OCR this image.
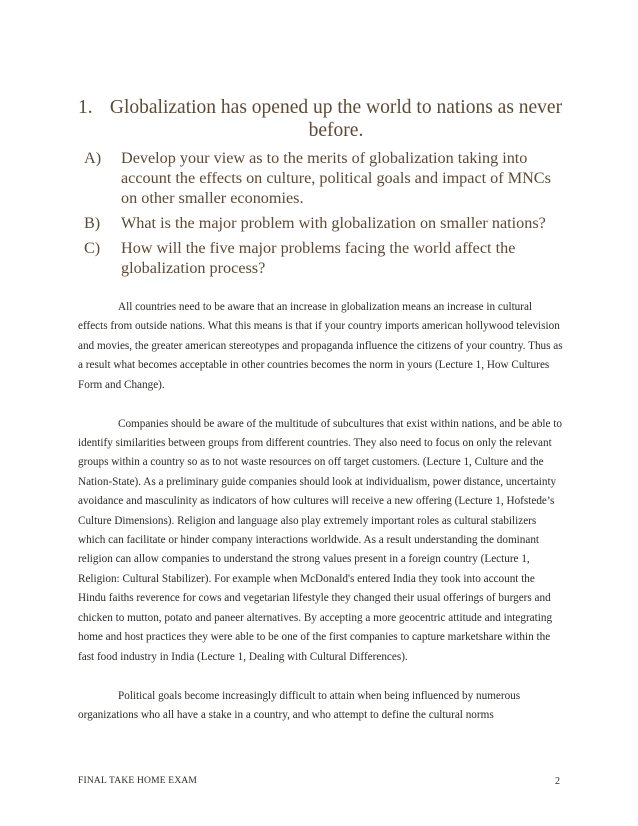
1. Globalization has opened up the world to nations as never before.
A) Develop your view as to the merits of globalization taking into account the effects on culture, political goals and impact of MNCs on other smaller economies.
B) What is the major problem with globalization on smaller nations?
C) How will the five major problems facing the world affect the globalization process?

All countries need to be aware that an increase in globalization means an increase in cultural effects from outside nations. What this means is that if your country imports american hollywood television and movies, the greater american stereotypes and propaganda influence the citizens of your country. Thus as a result what becomes acceptable in other countries becomes the norm in yours (Lecture 1, How Cultures Form and Change).

Companies should be aware of the multitude of subcultures that exist within nations, and be able to identify similarities between groups from different countries. They also need to focus on only the relevant groups within a country so as to not waste resources on off target customers. (Lecture 1, Culture and the Nation-State). As a preliminary guide companies should look at individualism, power distance, uncertainty avoidance and masculinity as indicators of how cultures will receive a new offering (Lecture 1, Hofstede’s Culture Dimensions). Religion and language also play extremely important roles as cultural stabilizers which can facilitate or hinder company interactions worldwide. As a result understanding the dominant religion can allow companies to understand the strong values present in a foreign country (Lecture 1, Religion: Cultural Stabilizer). For example when McDonald's entered India they took into account the Hindu faiths reverence for cows and vegetarian lifestyle they changed their usual offerings of burgers and chicken to mutton, potato and paneer alternatives. By accepting a more geocentric attitude and integrating home and host practices they were able to be one of the first companies to capture marketshare within the fast food industry in India (Lecture 1, Dealing with Cultural Differences).

Political goals become increasingly difficult to attain when being influenced by numerous organizations who all have a stake in a country, and who attempt to define the cultural norms

FINAL TAKE HOME EXAM	2
